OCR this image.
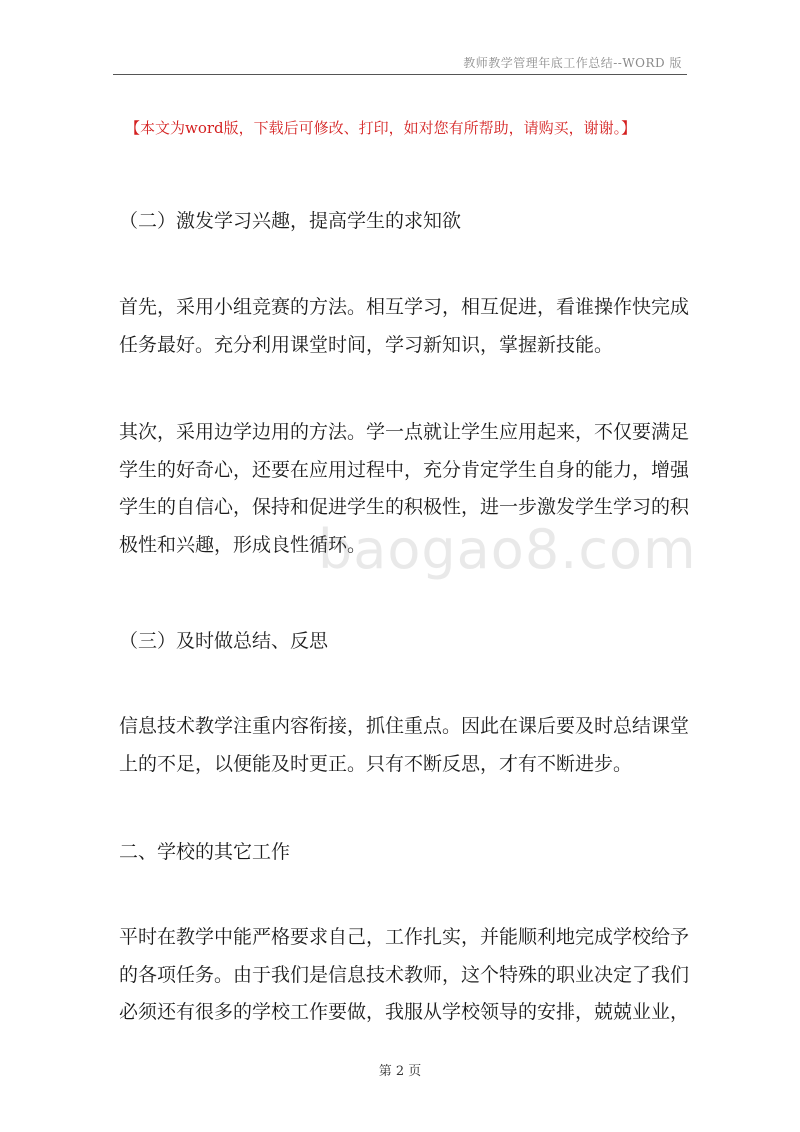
教师教学管理年底工作总结--WORD 版
【本文为word版，下载后可修改、打印，如对您有所帮助，请购买，谢谢。】
（二）激发学习兴趣，提高学生的求知欲
首先，采用小组竞赛的方法。相互学习，相互促进，看谁操作快完成任务最好。充分利用课堂时间，学习新知识，掌握新技能。
其次，采用边学边用的方法。学一点就让学生应用起来，不仅要满足学生的好奇心，还要在应用过程中，充分肯定学生自身的能力，增强学生的自信心，保持和促进学生的积极性，进一步激发学生学习的积极性和兴趣，形成良性循环。
（三）及时做总结、反思
信息技术教学注重内容衔接，抓住重点。因此在课后要及时总结课堂上的不足，以便能及时更正。只有不断反思，才有不断进步。
二、学校的其它工作
平时在教学中能严格要求自己，工作扎实，并能顺利地完成学校给予的各项任务。由于我们是信息技术教师，这个特殊的职业决定了我们必须还有很多的学校工作要做，我服从学校领导的安排，兢兢业业，
baogao8.com
第 2 页
